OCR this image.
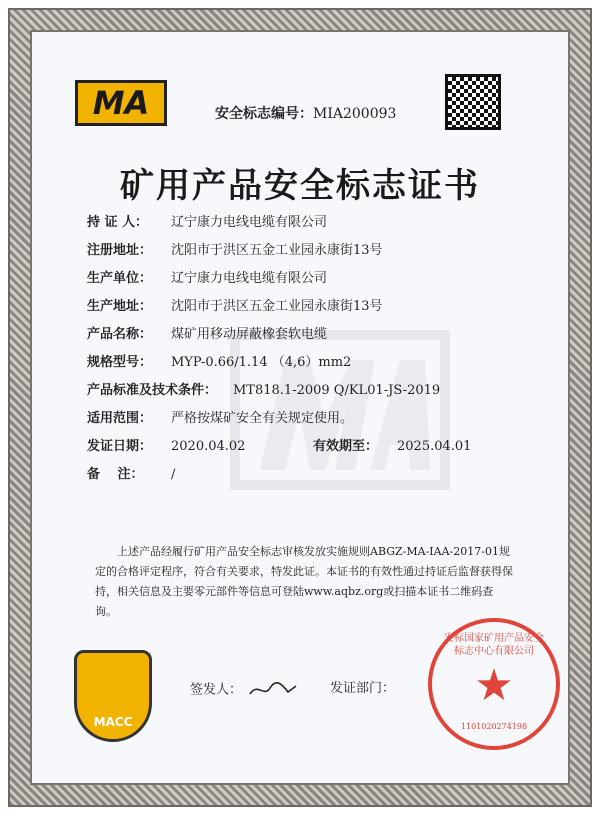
MA	安全标志编号：MIA200093
矿用产品安全标志证书
持 证 人： 辽宁康力电线电缆有限公司
注册地址： 沈阳市于洪区五金工业园永康街13号
生产单位： 辽宁康力电线电缆有限公司
生产地址： 沈阳市于洪区五金工业园永康街13号
产品名称： 煤矿用移动屏蔽橡套软电缆
规格型号： MYP-0.66/1.14 （4,6）mm2
产品标准及技术条件： MT818.1-2009 Q/KL01-JS-2019
适用范围： 严格按煤矿安全有关规定使用。
发证日期： 2020.04.02	有效期至： 2025.04.01
备　 注： /
上述产品经履行矿用产品安全标志审核发放实施规则ABGZ-MA-IAA-2017-01规定的合格评定程序，符合有关要求，特发此证。本证书的有效性通过持证后监督获得保持，相关信息及主要零元部件等信息可登陆www.aqbz.org或扫描本证书二维码查询。
MACC
签发人：	发证部门：
安标国家矿用产品安全标志中心有限公司
★
1101020274198
